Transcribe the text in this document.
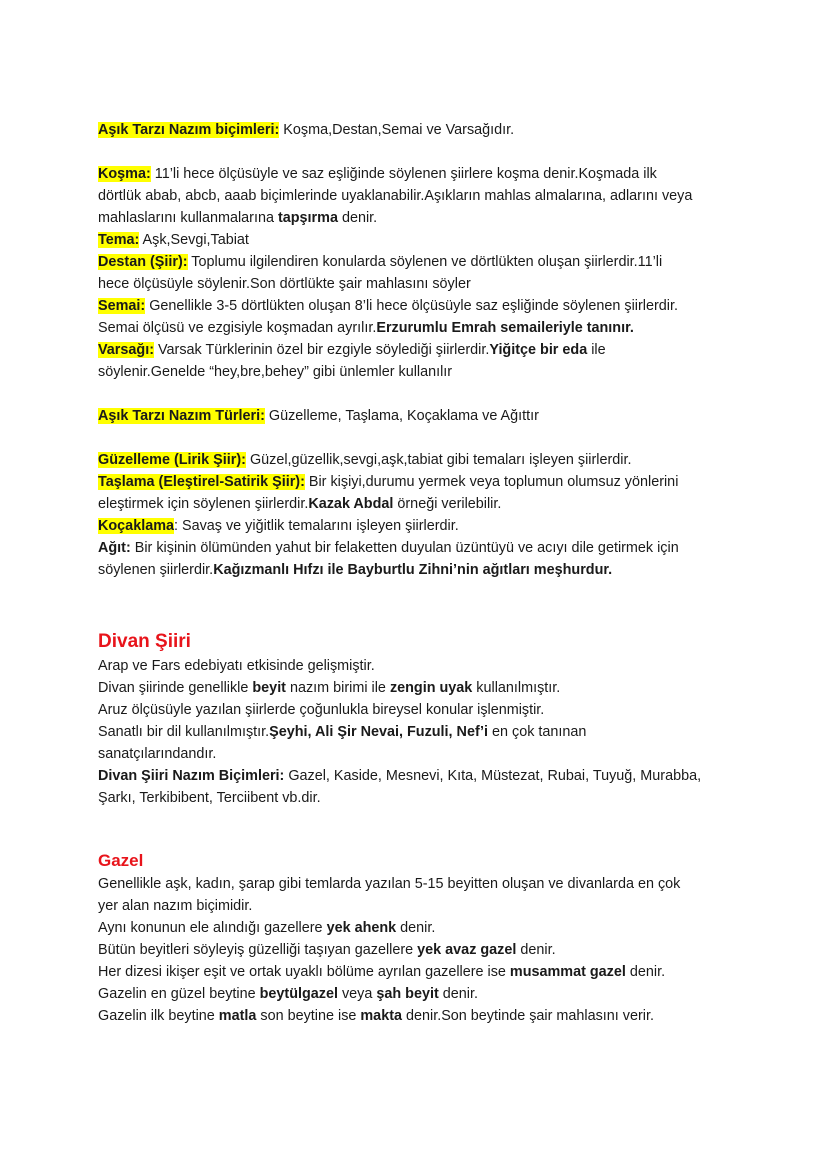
Aşık Tarzı Nazım biçimleri: Koşma,Destan,Semai ve Varsağıdır.
Koşma: 11’li hece ölçüsüyle ve saz eşliğinde söylenen şiirlere koşma denir.Koşmada ilk
dörtlük abab, abcb, aaab biçimlerinde uyaklanabilir.Aşıkların mahlas almalarına, adlarını veya
mahlaslarını kullanmalarına tapşırma denir.
Tema: Aşk,Sevgi,Tabiat
Destan (Şiir): Toplumu ilgilendiren konularda söylenen ve dörtlükten oluşan şiirlerdir.11’li
hece ölçüsüyle söylenir.Son dörtlükte şair mahlasını söyler
Semai: Genellikle 3-5 dörtlükten oluşan 8’li hece ölçüsüyle saz eşliğinde söylenen şiirlerdir.
Semai ölçüsü ve ezgisiyle koşmadan ayrılır.Erzurumlu Emrah semaileriyle tanınır.
Varsağı: Varsak Türklerinin özel bir ezgiyle söylediği şiirlerdir.Yiğitçe bir eda ile
söylenir.Genelde “hey,bre,behey” gibi ünlemler kullanılır
Aşık Tarzı Nazım Türleri: Güzelleme, Taşlama, Koçaklama ve Ağıttır
Güzelleme (Lirik Şiir): Güzel,güzellik,sevgi,aşk,tabiat gibi temaları işleyen şiirlerdir.
Taşlama (Eleştirel-Satirik Şiir): Bir kişiyi,durumu yermek veya toplumun olumsuz yönlerini
eleştirmek için söylenen şiirlerdir.Kazak Abdal örneği verilebilir.
Koçaklama: Savaş ve yiğitlik temalarını işleyen şiirlerdir.
Ağıt: Bir kişinin ölümünden yahut bir felaketten duyulan üzüntüyü ve acıyı dile getirmek için
söylenen şiirlerdir.Kağızmanlı Hıfzı ile Bayburtlu Zihni’nin ağıtları meşhurdur.
Divan Şiiri
Arap ve Fars edebiyatı etkisinde gelişmiştir.
Divan şiirinde genellikle beyit nazım birimi ile zengin uyak kullanılmıştır.
Aruz ölçüsüyle yazılan şiirlerde çoğunlukla bireysel konular işlenmiştir.
Sanatlı bir dil kullanılmıştır.Şeyhi, Ali Şir Nevai, Fuzuli, Nef’i en çok tanınan
sanatçılarındandır.
Divan Şiiri Nazım Biçimleri: Gazel, Kaside, Mesnevi, Kıta, Müstezat, Rubai, Tuyuğ, Murabba,
Şarkı, Terkibibent, Terciibent vb.dir.
Gazel
Genellikle aşk, kadın, şarap gibi temlarda yazılan 5-15 beyitten oluşan ve divanlarda en çok
yer alan nazım biçimidir.
Aynı konunun ele alındığı gazellere yek ahenk denir.
Bütün beyitleri söyleyiş güzelliği taşıyan gazellere yek avaz gazel denir.
Her dizesi ikişer eşit ve ortak uyaklı bölüme ayrılan gazellere ise musammat gazel denir.
Gazelin en güzel beytine beytülgazel veya şah beyit denir.
Gazelin ilk beytine matla son beytine ise makta denir.Son beytinde şair mahlasını verir.
